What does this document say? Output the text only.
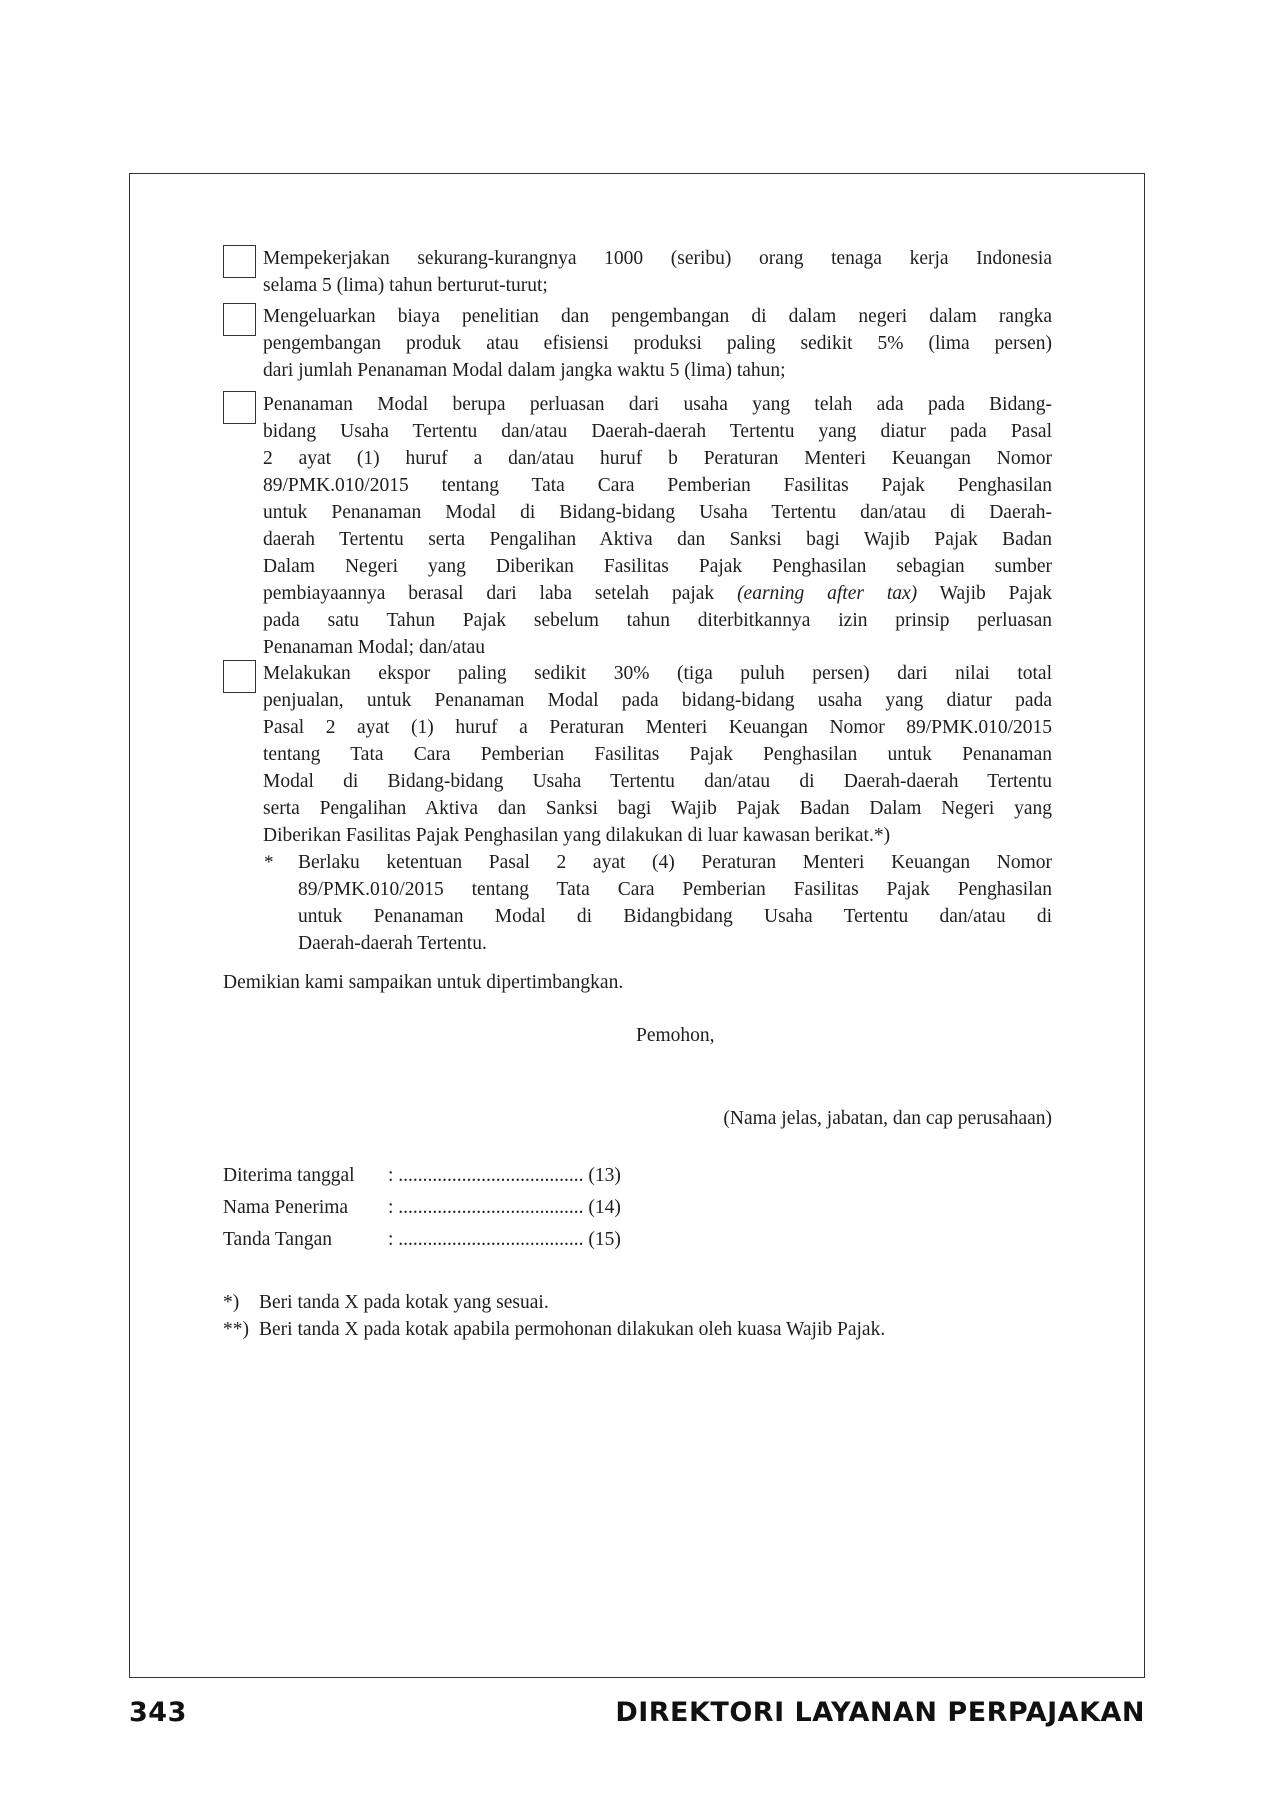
Mempekerjakan sekurang-kurangnya 1000 (seribu) orang tenaga kerja Indonesia
selama 5 (lima) tahun berturut-turut;
Mengeluarkan biaya penelitian dan pengembangan di dalam negeri dalam rangka
pengembangan produk atau efisiensi produksi paling sedikit 5% (lima persen)
dari jumlah Penanaman Modal dalam jangka waktu 5 (lima) tahun;
Penanaman Modal berupa perluasan dari usaha yang telah ada pada Bidang-
bidang Usaha Tertentu dan/atau Daerah-daerah Tertentu yang diatur pada Pasal
2 ayat (1) huruf a dan/atau huruf b Peraturan Menteri Keuangan Nomor
89/PMK.010/2015 tentang Tata Cara Pemberian Fasilitas Pajak Penghasilan
untuk Penanaman Modal di Bidang-bidang Usaha Tertentu dan/atau di Daerah-
daerah Tertentu serta Pengalihan Aktiva dan Sanksi bagi Wajib Pajak Badan
Dalam Negeri yang Diberikan Fasilitas Pajak Penghasilan sebagian sumber
pembiayaannya berasal dari laba setelah pajak (earning after tax) Wajib Pajak
pada satu Tahun Pajak sebelum tahun diterbitkannya izin prinsip perluasan
Penanaman Modal; dan/atau
Melakukan ekspor paling sedikit 30% (tiga puluh persen) dari nilai total
penjualan, untuk Penanaman Modal pada bidang-bidang usaha yang diatur pada
Pasal 2 ayat (1) huruf a Peraturan Menteri Keuangan Nomor 89/PMK.010/2015
tentang Tata Cara Pemberian Fasilitas Pajak Penghasilan untuk Penanaman
Modal di Bidang-bidang Usaha Tertentu dan/atau di Daerah-daerah Tertentu
serta Pengalihan Aktiva dan Sanksi bagi Wajib Pajak Badan Dalam Negeri yang
Diberikan Fasilitas Pajak Penghasilan yang dilakukan di luar kawasan berikat.*)
* Berlaku ketentuan Pasal 2 ayat (4) Peraturan Menteri Keuangan Nomor
89/PMK.010/2015 tentang Tata Cara Pemberian Fasilitas Pajak Penghasilan
untuk Penanaman Modal di Bidangbidang Usaha Tertentu dan/atau di
Daerah-daerah Tertentu.
Demikian kami sampaikan untuk dipertimbangkan.
Pemohon,
(Nama jelas, jabatan, dan cap perusahaan)
Diterima tanggal : ...................................... (13)
Nama Penerima : ...................................... (14)
Tanda Tangan	: ...................................... (15)
*) Beri tanda X pada kotak yang sesuai.
**) Beri tanda X pada kotak apabila permohonan dilakukan oleh kuasa Wajib Pajak.
343	DIREKTORI LAYANAN PERPAJAKAN
